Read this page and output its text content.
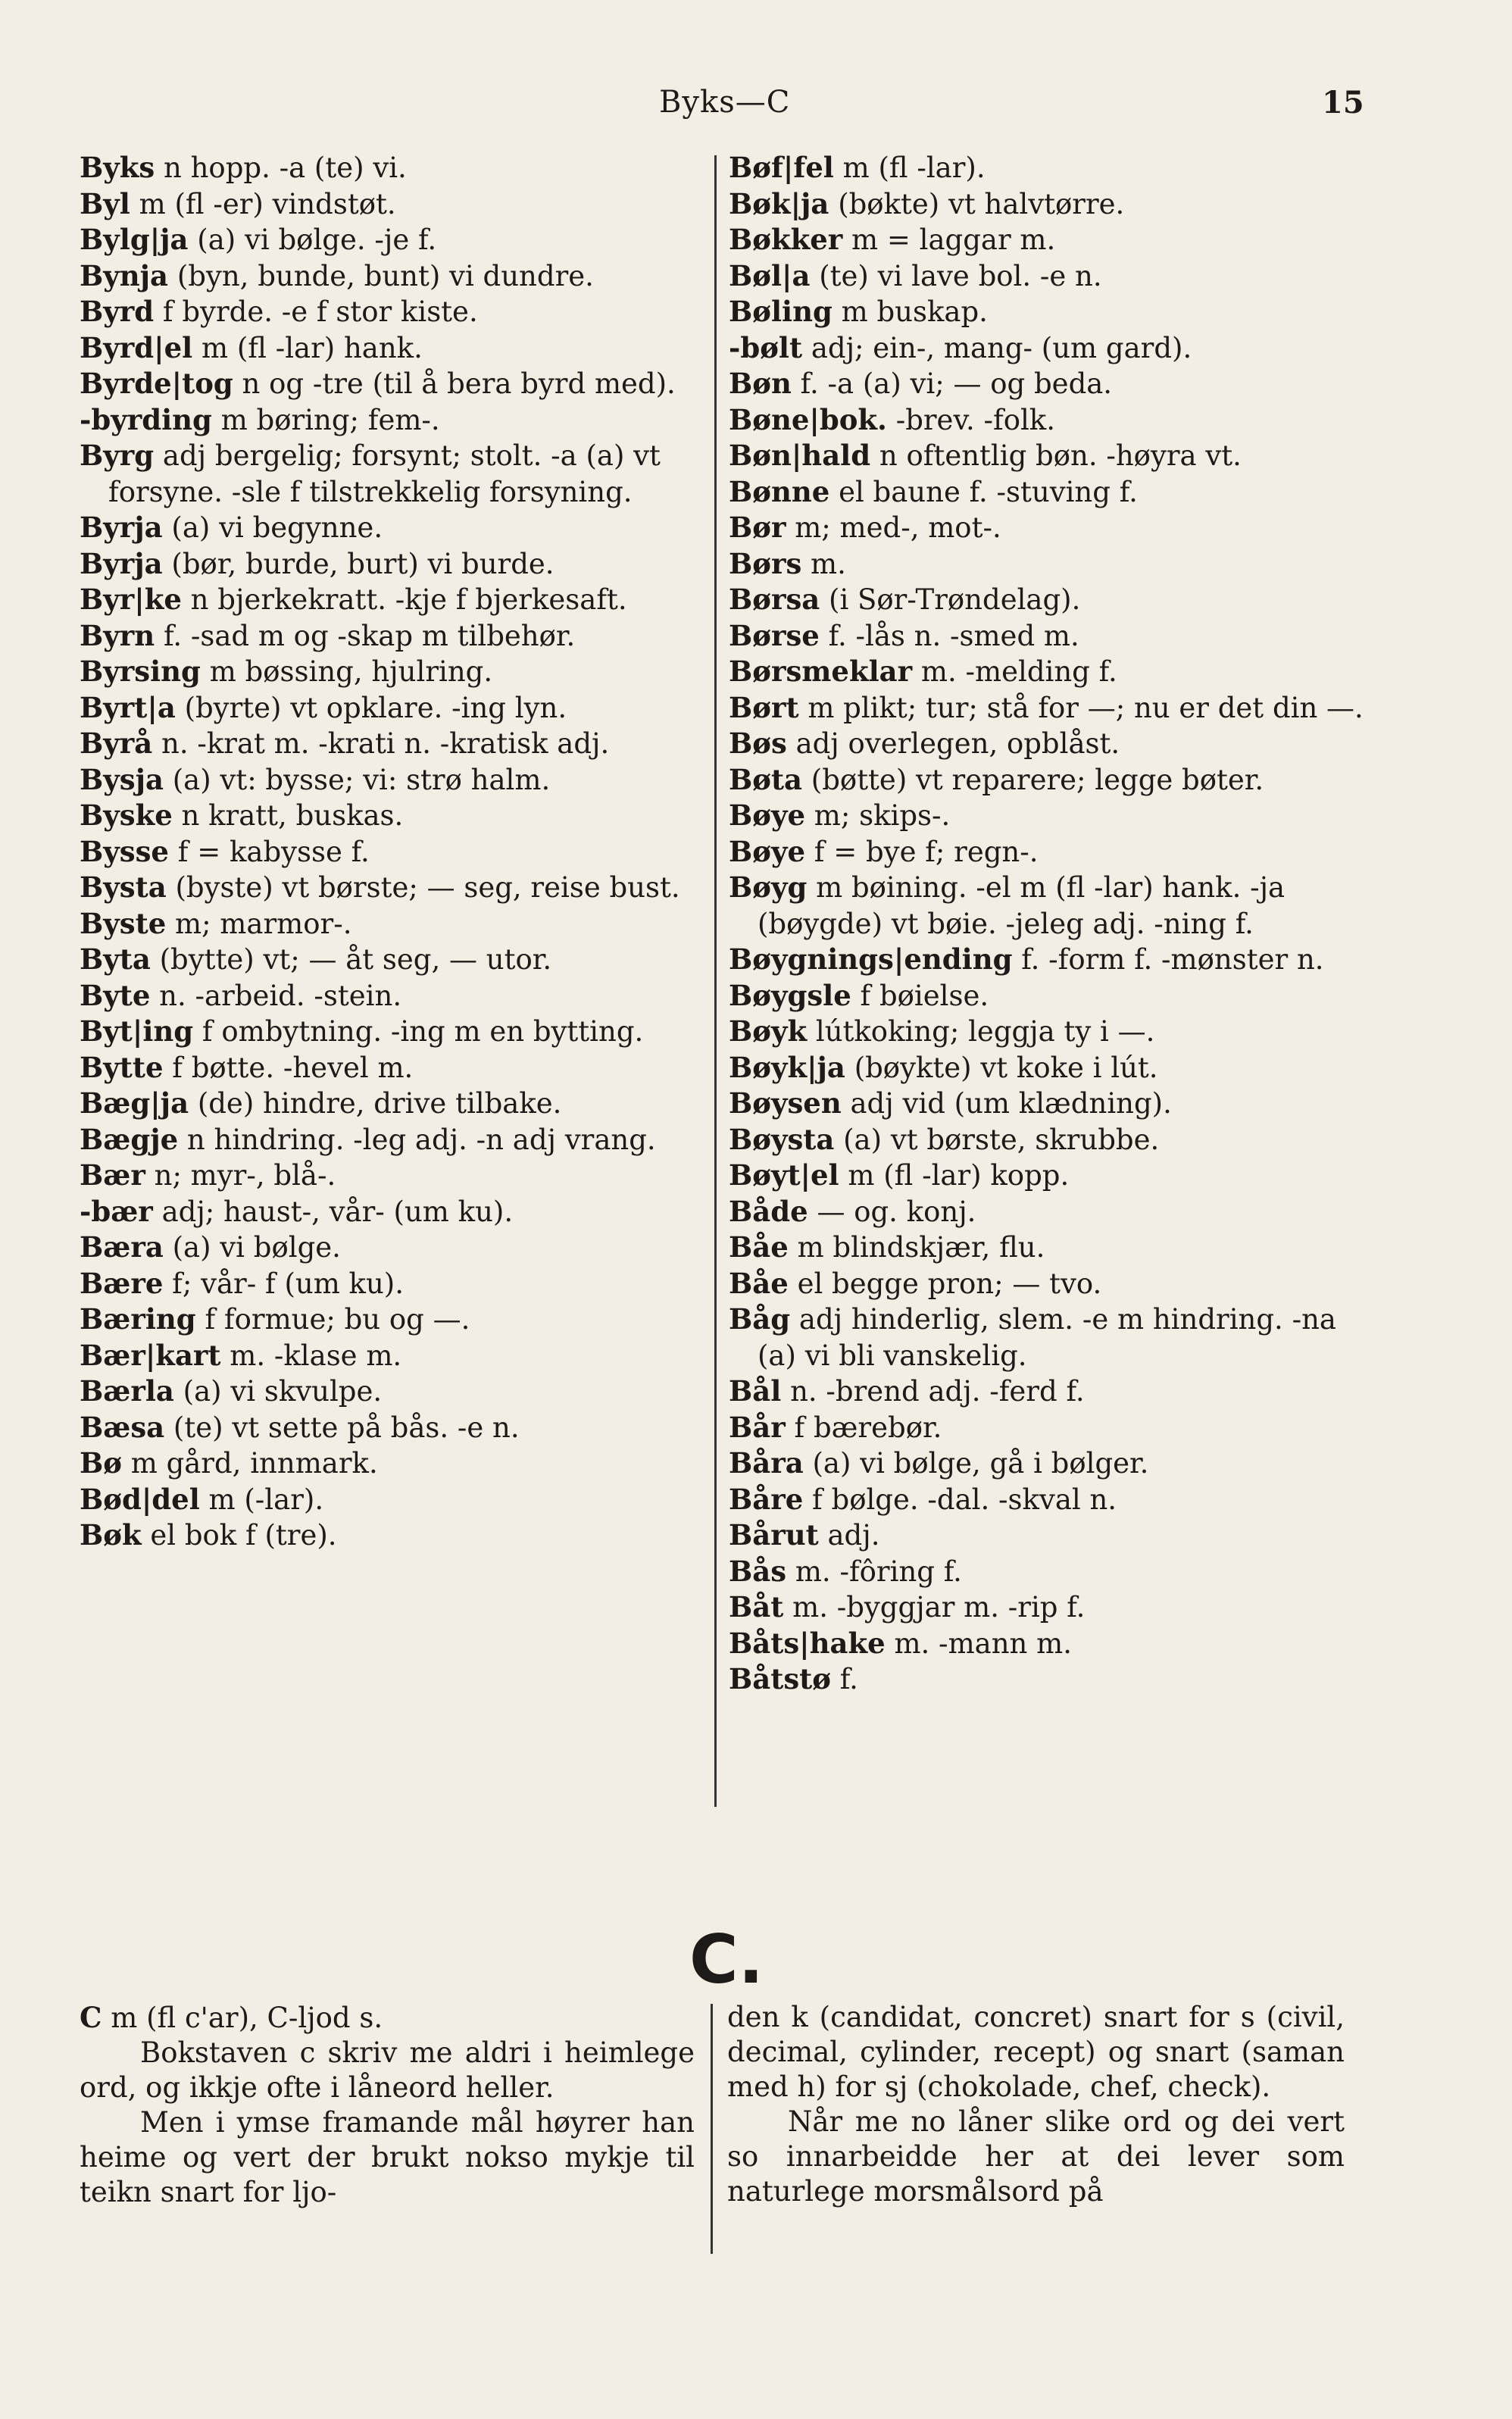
Byks—C	15

Byks n hopp. -a (te) vi.

Byl m (fl -er) vindstøt.

Bylg|ja (a) vi bølge. -je f.

Bynja (byn, bunde, bunt) vi dundre.

Byrd f byrde. -e f stor kiste.

Byrd|el m (fl -lar) hank.

Byrde|tog n og -tre (til å bera byrd med).

-byrding m børing; fem-.

Byrg adj bergelig; forsynt; stolt. -a (a) vt forsyne. -sle f tilstrekkelig forsyning.

Byrja (a) vi begynne.

Byrja (bør, burde, burt) vi burde.

Byr|ke n bjerkekratt. -kje f bjerkesaft.

Byrn f. -sad m og -skap m tilbehør.

Byrsing m bøssing, hjulring.

Byrt|a (byrte) vt opklare. -ing lyn.

Byrå n. -krat m. -krati n. -kratisk adj.

Bysja (a) vt: bysse; vi: strø halm.

Byske n kratt, buskas.

Bysse f = kabysse f.

Bysta (byste) vt børste; — seg, reise bust.

Byste m; marmor-.

Byta (bytte) vt; — åt seg, — utor.

Byte n. -arbeid. -stein.

Byt|ing f ombytning. -ing m en bytting.

Bytte f bøtte. -hevel m.

Bæg|ja (de) hindre, drive tilbake.

Bægje n hindring. -leg adj. -n adj vrang.

Bær n; myr-, blå-.

-bær adj; haust-, vår- (um ku).

Bæra (a) vi bølge.

Bære f; vår- f (um ku).

Bæring f formue; bu og —.

Bær|kart m. -klase m.

Bærla (a) vi skvulpe.

Bæsa (te) vt sette på bås. -e n.

Bø m gård, innmark.

Bød|del m (-lar).

Bøk el bok f (tre).

Bøf|fel m (fl -lar).

Bøk|ja (bøkte) vt halvtørre.

Bøkker m = laggar m.

Bøl|a (te) vi lave bol. -e n.

Bøling m buskap.

-bølt adj; ein-, mang- (um gard).

Bøn f. -a (a) vi; — og beda.

Bøne|bok. -brev. -folk.

Bøn|hald n oftentlig bøn. -høyra vt.

Bønne el baune f. -stuving f.

Bør m; med-, mot-.

Børs m.

Børsa (i Sør-Trøndelag).

Børse f. -lås n. -smed m.

Børsmeklar m. -melding f.

Børt m plikt; tur; stå for —; nu er det din —.

Bøs adj overlegen, opblåst.

Bøta (bøtte) vt reparere; legge bøter.

Bøye m; skips-.

Bøye f = bye f; regn-.

Bøyg m bøining. -el m (fl -lar) hank. -ja (bøygde) vt bøie. -jeleg adj. -ning f.

Bøygnings|ending f. -form f. -mønster n.

Bøygsle f bøielse.

Bøyk lútkoking; leggja ty i —.

Bøyk|ja (bøykte) vt koke i lút.

Bøysen adj vid (um klædning).

Bøysta (a) vt børste, skrubbe.

Bøyt|el m (fl -lar) kopp.

Både — og. konj.

Båe m blindskjær, flu.

Båe el begge pron; — tvo.

Båg adj hinderlig, slem. -e m hindring. -na (a) vi bli vanskelig.

Bål n. -brend adj. -ferd f.

Bår f bærebør.

Båra (a) vi bølge, gå i bølger.

Båre f bølge. -dal. -skval n.

Bårut adj.

Bås m. -fôring f.

Båt m. -byggjar m. -rip f.

Båts|hake m. -mann m.

Båtstø f.

C.

C m (fl c'ar), C-ljod s.

Bokstaven c skriv me aldri i heimlege ord, og ikkje ofte i låneord heller.

Men i ymse framande mål høyrer han heime og vert der brukt nokso mykje til teikn snart for ljo-

den k (candidat, concret) snart for s (civil, decimal, cylinder, recept) og snart (saman med h) for sj (chokolade, chef, check).

Når me no låner slike ord og dei vert so innarbeidde her at dei lever som naturlege morsmålsord på
